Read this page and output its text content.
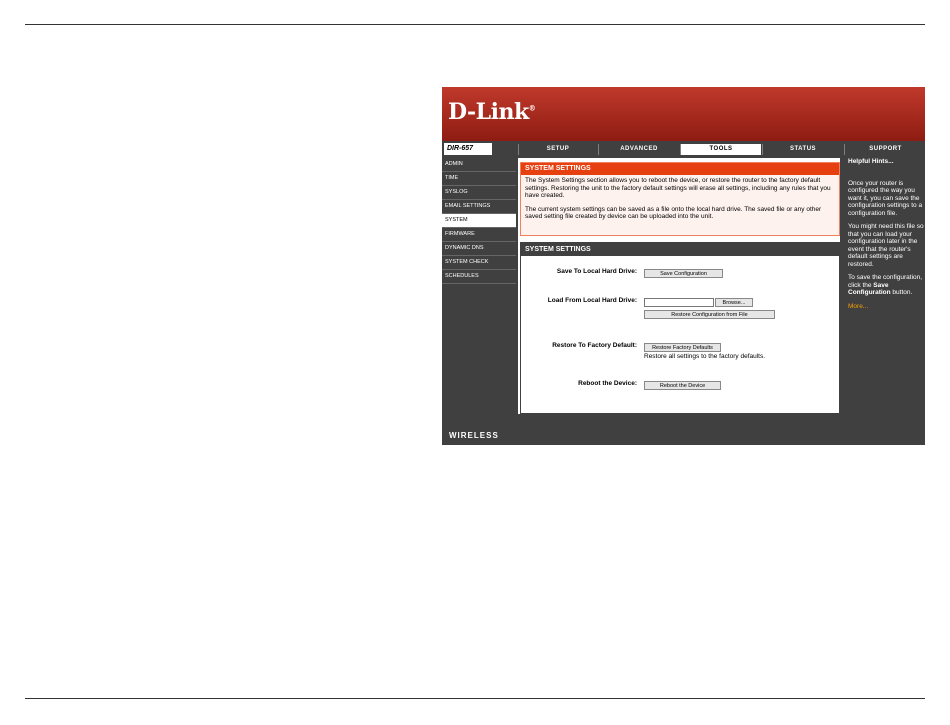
D-Link®
DIR-657 //	SETUP	ADVANCED	TOOLS	STATUS	SUPPORT
ADMIN
TIME
SYSLOG
EMAIL SETTINGS
SYSTEM
FIRMWARE
DYNAMIC DNS
SYSTEM CHECK
SCHEDULES
SYSTEM SETTINGS
The System Settings section allows you to reboot the device, or restore the router to the factory default settings. Restoring the unit to the factory default settings will erase all settings, including any rules that you have created.
The current system settings can be saved as a file onto the local hard drive. The saved file or any other saved setting file created by device can be uploaded into the unit.
SYSTEM SETTINGS
Save To Local Hard Drive:	Save Configuration
Load From Local Hard Drive:	Browse...
Restore Configuration from File
Restore To Factory Default:	Restore Factory Defaults
Restore all settings to the factory defaults.
Reboot the Device:	Reboot the Device

Helpful Hints...

Once your router is configured the way you want it, you can save the configuration settings to a configuration file.

You might need this file so that you can load your configuration later in the event that the router's default settings are restored.

To save the configuration, click the Save Configuration button.

More...

WIRELESS
